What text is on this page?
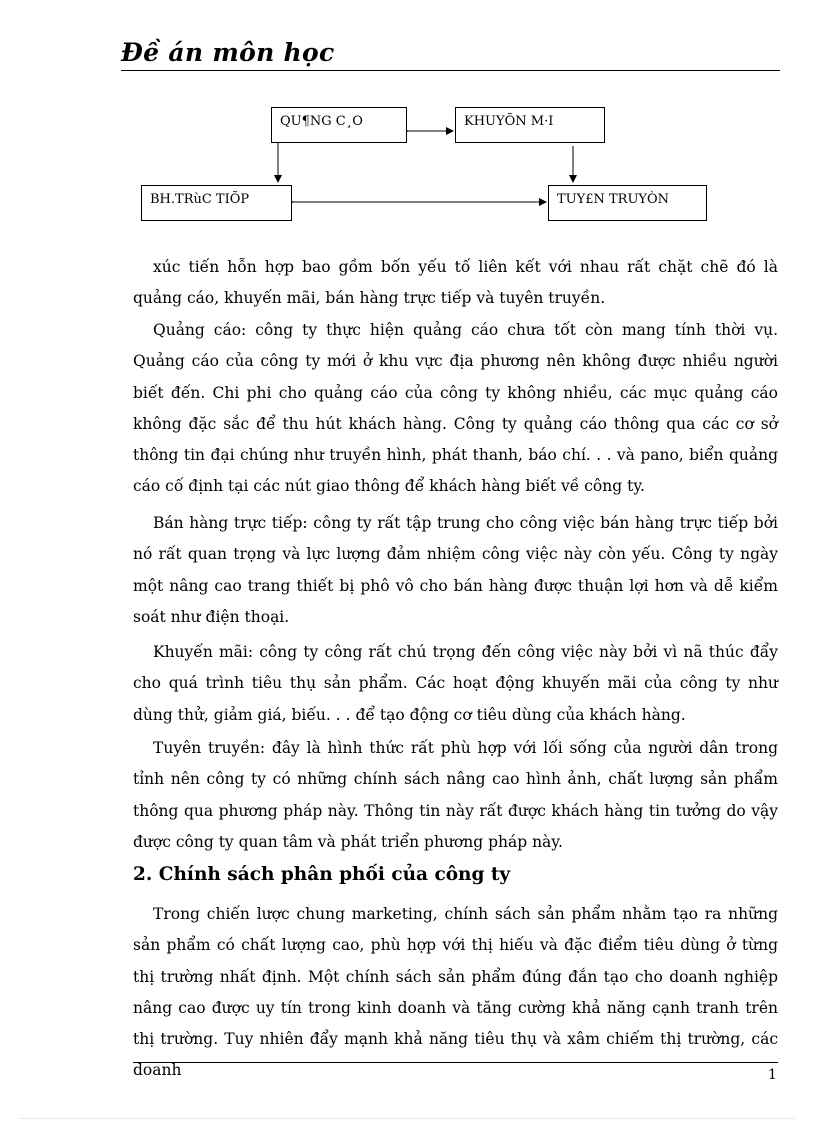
Đề án môn học
QU¶NG C¸O	KHUYÕN M·I
BH.TRùC TIÕP	TUY£N TRUYÒN

xúc tiến hỗn hợp bao gồm bốn yếu tố liên kết với nhau rất chặt chẽ đó là quảng cáo, khuyến mãi, bán hàng trực tiếp và tuyên truyền.

Quảng cáo: công ty thực hiện quảng cáo chưa tốt còn mang tính thời vụ. Quảng cáo của công ty mới ở khu vực địa phương nên không được nhiều người biết đến. Chi phi cho quảng cáo của công ty không nhiều, các mục quảng cáo không đặc sắc để thu hút khách hàng. Công ty quảng cáo thông qua các cơ sở thông tin đại chúng như truyền hình, phát thanh, báo chí. . . và pano, biển quảng cáo cố định tại các nút giao thông để khách hàng biết về công ty.

Bán hàng trực tiếp: công ty rất tập trung cho công việc bán hàng trực tiếp bởi nó rất quan trọng và lực lượng đảm nhiệm công việc này còn yếu. Công ty ngày một nâng cao trang thiết bị phô vô cho bán hàng được thuận lợi hơn và dễ kiểm soát như điện thoại.

Khuyến mãi: công ty công rất chú trọng đến công việc này bởi vì nã thúc đẩy cho quá trình tiêu thụ sản phẩm. Các hoạt động khuyến mãi của công ty như dùng thử, giảm giá, biếu. . . để tạo động cơ tiêu dùng của khách hàng.

Tuyên truyền: đây là hình thức rất phù hợp với lối sống của người dân trong tỉnh nên công ty có những chính sách nâng cao hình ảnh, chất lượng sản phẩm thông qua phương pháp này. Thông tin này rất được khách hàng tin tưởng do vậy được công ty quan tâm và phát triển phương pháp này.

2. Chính sách phân phối của công ty

Trong chiến lược chung marketing, chính sách sản phẩm nhằm tạo ra những sản phẩm có chất lượng cao, phù hợp với thị hiếu và đặc điểm tiêu dùng ở từng thị trường nhất định. Một chính sách sản phẩm đúng đắn tạo cho doanh nghiệp nâng cao được uy tín trong kinh doanh và tăng cường khả năng cạnh tranh trên thị trường. Tuy nhiên đẩy mạnh khả năng tiêu thụ và xâm chiếm thị trường, các doanh	1
